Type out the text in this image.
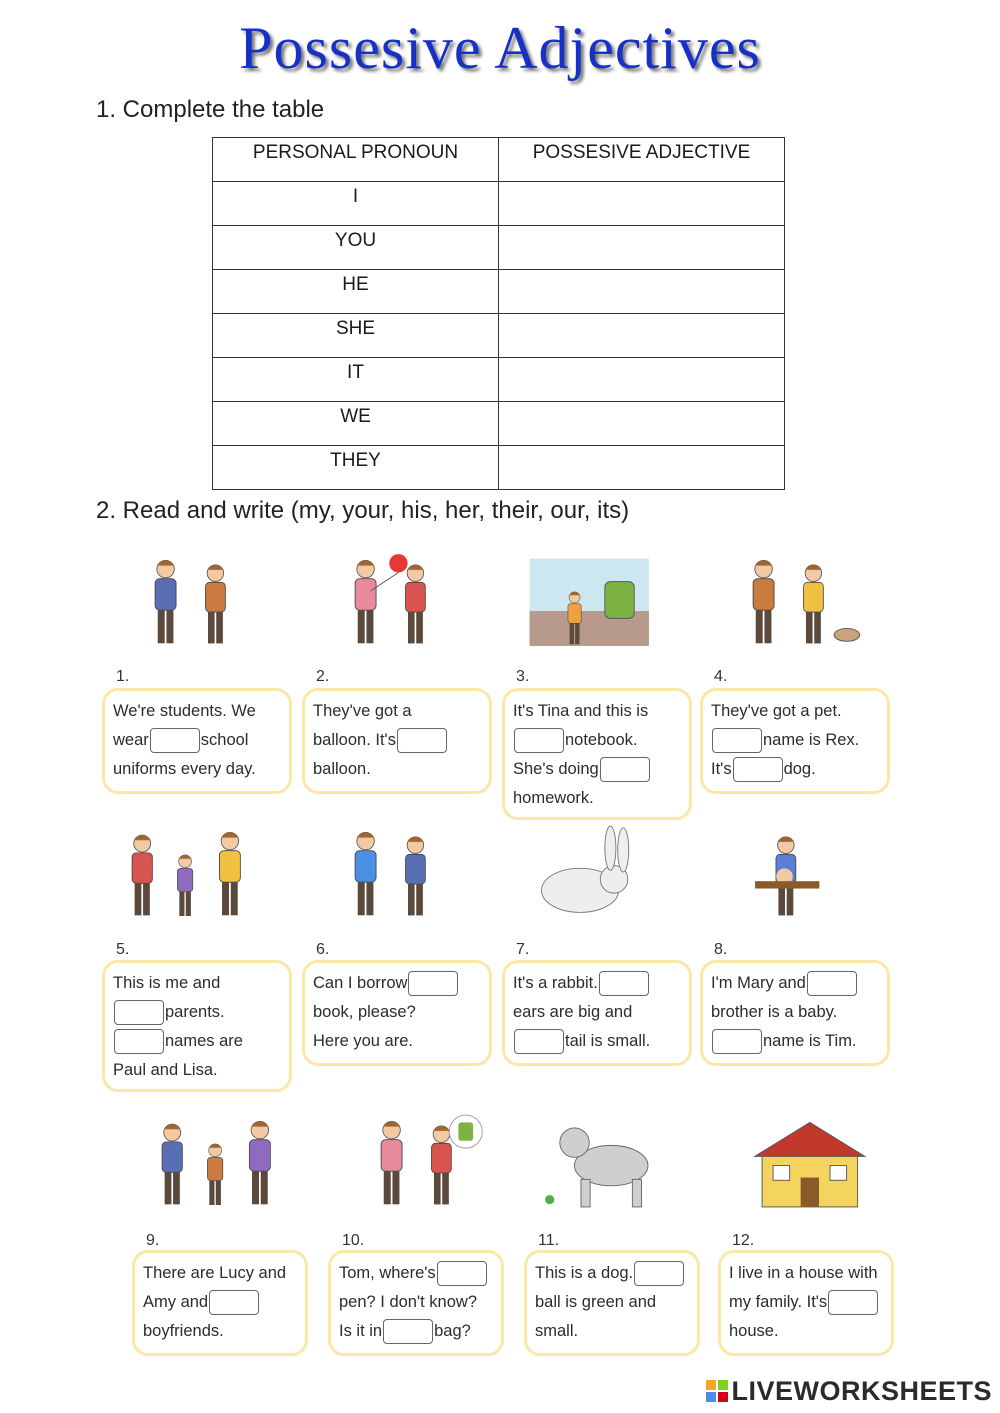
Possesive Adjectives
1. Complete the table
PERSONAL PRONOUN	POSSESIVE ADJECTIVE
I	
YOU	
HE	
SHE	
IT	
WE	
THEY	
2. Read and write (my, your, his, her, their, our, its)
We're students. We
wear	school
uniforms every day.
1.
They've got a
balloon. It's
balloon.
2.
It's Tina and this is
notebook.
She's doing
homework.
3.
They've got a pet.
name is Rex.
It's	dog.
4.
This is me and
parents.
names are
Paul and Lisa.
5.
Can I borrow
book, please?
Here you are.
6.
It's a rabbit.
ears are big and
tail is small.
7.
I'm Mary and
brother is a baby.
name is Tim.
8.
There are Lucy and
Amy and
boyfriends.
9.
Tom, where's
pen? I don't know?
Is it in	bag?
10.
This is a dog.
ball is green and
small.
11.
I live in a house with
my family. It's
house.
12.
LIVEWORKSHEETS
